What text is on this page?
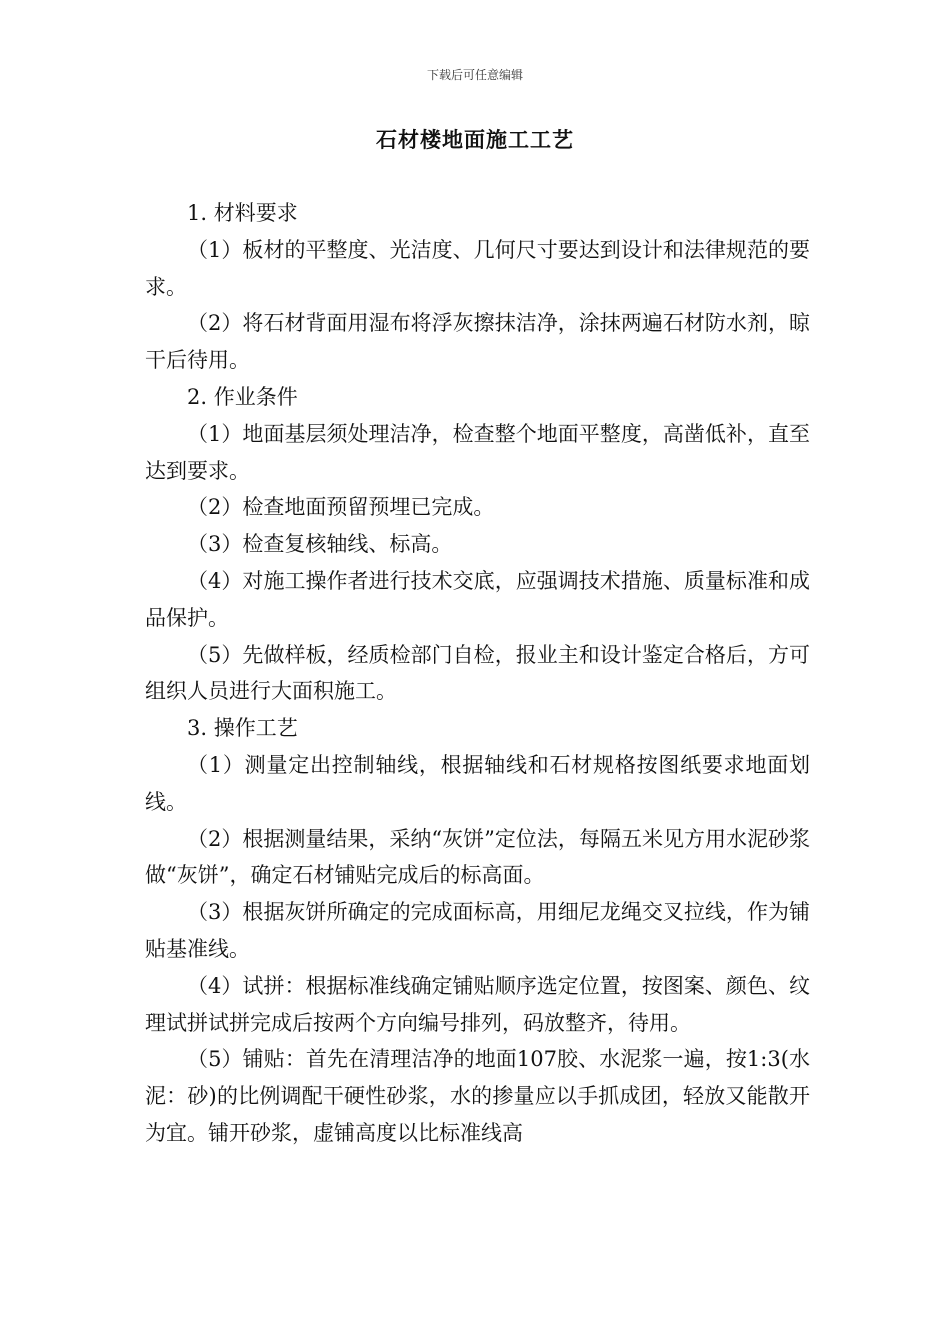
下载后可任意编辑
石材楼地面施工工艺

1. 材料要求

（1）板材的平整度、光洁度、几何尺寸要达到设计和法律规范的要求。

（2）将石材背面用湿布将浮灰擦抹洁净，涂抹两遍石材防水剂，晾干后待用。

2. 作业条件

（1）地面基层须处理洁净，检查整个地面平整度，高凿低补，直至达到要求。

（2）检查地面预留预埋已完成。

（3）检查复核轴线、标高。

（4）对施工操作者进行技术交底，应强调技术措施、质量标准和成品保护。

（5）先做样板，经质检部门自检，报业主和设计鉴定合格后，方可组织人员进行大面积施工。

3. 操作工艺

（1）测量定出控制轴线，根据轴线和石材规格按图纸要求地面划线。

（2）根据测量结果，采纳“灰饼”定位法，每隔五米见方用水泥砂浆做“灰饼”，确定石材铺贴完成后的标高面。

（3）根据灰饼所确定的完成面标高，用细尼龙绳交叉拉线，作为铺贴基准线。

（4）试拼：根据标准线确定铺贴顺序选定位置，按图案、颜色、纹理试拼试拼完成后按两个方向编号排列，码放整齐，待用。

（5）铺贴：首先在清理洁净的地面107胶、水泥浆一遍，按1:3(水泥：砂)的比例调配干硬性砂浆，水的掺量应以手抓成团，轻放又能散开为宜。铺开砂浆，虚铺高度以比标准线高
